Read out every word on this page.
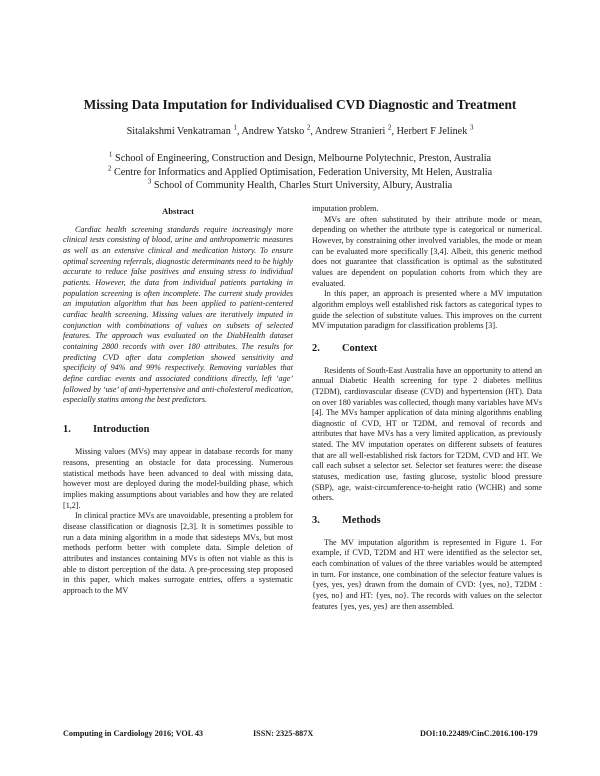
Missing Data Imputation for Individualised CVD Diagnostic and Treatment
Sitalakshmi Venkatraman $^1$, Andrew Yatsko $^2$, Andrew Stranieri $^2$, Herbert F Jelinek $^3$
$^1$ School of Engineering, Construction and Design, Melbourne Polytechnic, Preston, Australia
$^2$ Centre for Informatics and Applied Optimisation, Federation University, Mt Helen, Australia
$^3$ School of Community Health, Charles Sturt University, Albury, Australia
Abstract

Cardiac health screening standards require increasingly more clinical tests consisting of blood, urine and anthropometric measures as well as an extensive clinical and medication history. To ensure optimal screening referrals, diagnostic determinants need to be highly accurate to reduce false positives and ensuing stress to individual patients. However, the data from individual patients partaking in population screening is often incomplete. The current study provides an imputation algorithm that has been applied to patient-centered cardiac health screening. Missing values are iteratively imputed in conjunction with combinations of values on subsets of selected features. The approach was evaluated on the DiabHealth dataset containing 2800 records with over 180 attributes. The results for predicting CVD after data completion showed sensitivity and specificity of 94% and 99% respectively. Removing variables that define cardiac events and associated conditions directly, left ‘age’ followed by ‘use’ of anti-hypertensive and anti-cholesterol medication, especially statins among the best predictors.

1.	Introduction

Missing values (MVs) may appear in database records for many reasons, presenting an obstacle for data processing. Numerous statistical methods have been advanced to deal with missing data, however most are deployed during the model-building phase, which implies making assumptions about variables and how they are related [1,2].

In clinical practice MVs are unavoidable, presenting a problem for disease classification or diagnosis [2,3]. It is sometimes possible to run a data mining algorithm in a mode that sidesteps MVs, but most methods perform better with complete data. Simple deletion of attributes and instances containing MVs is often not viable as this is able to distort perception of the data. A pre-processing step proposed in this paper, which makes surrogate entries, offers a systematic approach to the MV

imputation problem.

MVs are often substituted by their attribute mode or mean, depending on whether the attribute type is categorical or numerical. However, by constraining other involved variables, the mode or mean can be evaluated more specifically [3,4]. Albeit, this generic method does not guarantee that classification is optimal as the substituted values are dependent on population cohorts from which they are evaluated.

In this paper, an approach is presented where a MV imputation algorithm employs well established risk factors as categorical types to guide the selection of substitute values. This improves on the current MV imputation paradigm for classification problems [3].

2.	Context

Residents of South-East Australia have an opportunity to attend an annual Diabetic Health screening for type 2 diabetes mellitus (T2DM), cardiovascular disease (CVD) and hypertension (HT). Data on over 180 variables was collected, though many variables have MVs [4]. The MVs hamper application of data mining algorithms enabling diagnostic of CVD, HT or T2DM, and removal of records and attributes that have MVs has a very limited application, as previously stated. The MV imputation operates on different subsets of features that are all well-established risk factors for T2DM, CVD and HT. We call each subset a selector set. Selector set features were: the disease statuses, medication use, fasting glucose, systolic blood pressure (SBP), age, waist-circumference-to-height ratio (WCHR) and some others.

3.	Methods

The MV imputation algorithm is represented in Figure 1. For example, if CVD, T2DM and HT were identified as the selector set, each combination of values of the three variables would be attempted in turn. For instance, one combination of the selector feature values is {yes, yes, yes} drawn from the domain of CVD: {yes, no}, T2DM : {yes, no} and HT: {yes, no}. The records with values on the selector features {yes, yes, yes} are then assembled.

Computing in Cardiology 2016; VOL 43	ISSN: 2325-887X	DOI:10.22489/CinC.2016.100-179
